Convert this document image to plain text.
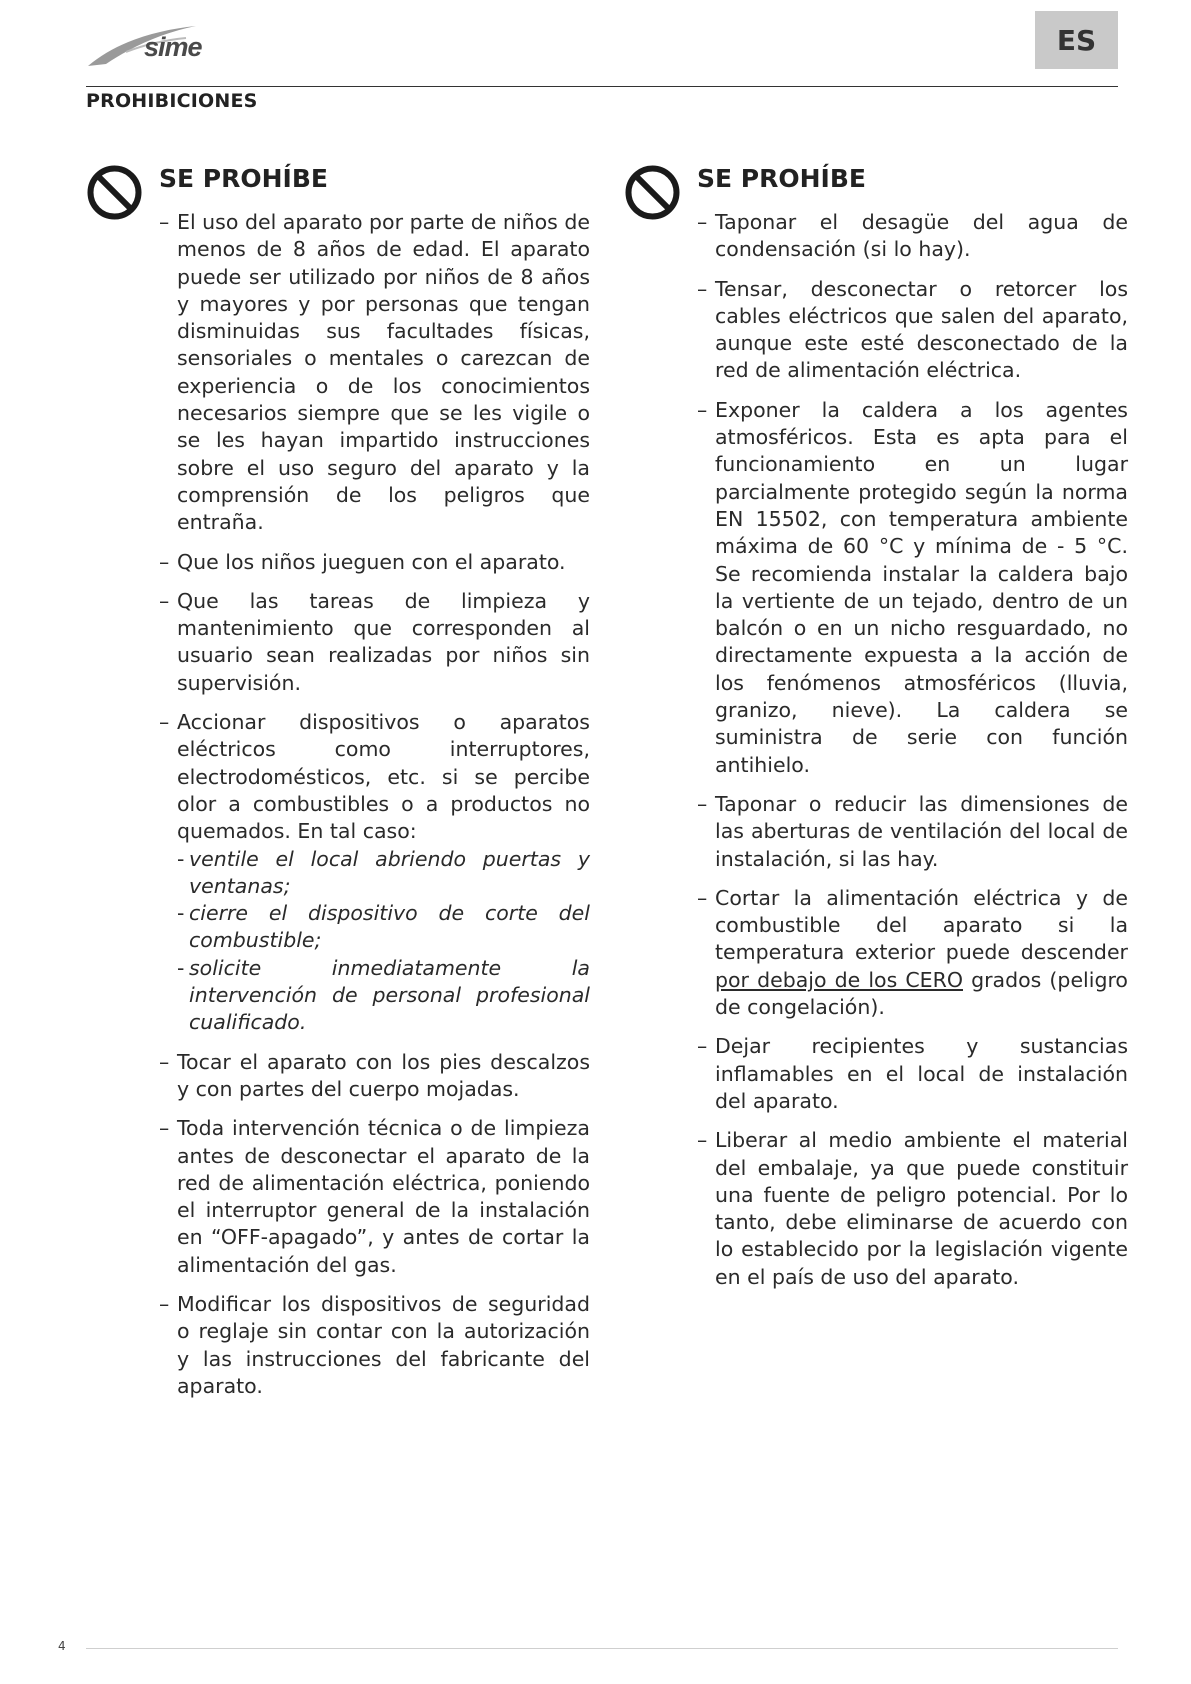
sime	ES
PROHIBICIONES
SE PROHÍBE
– El uso del aparato por parte de niños de menos de 8 años de edad. El aparato puede ser utilizado por niños de 8 años y mayores y por personas que tengan disminuidas sus facultades físicas, sensoriales o mentales o carezcan de experiencia o de los conocimientos necesarios siempre que se les vigile o se les hayan impartido instrucciones sobre el uso seguro del aparato y la comprensión de los peligros que entraña.
– Que los niños jueguen con el aparato.
– Que las tareas de limpieza y mantenimiento que corresponden al usuario sean realizadas por niños sin supervisión.
– Accionar dispositivos o aparatos eléctricos como interruptores, electrodomésticos, etc. si se percibe olor a combustibles o a productos no quemados. En tal caso:
- ventile el local abriendo puertas y ventanas;
- cierre el dispositivo de corte del combustible;
- solicite inmediatamente la intervención de personal profesional cualificado.
– Tocar el aparato con los pies descalzos y con partes del cuerpo mojadas.
– Toda intervención técnica o de limpieza antes de desconectar el aparato de la red de alimentación eléctrica, poniendo el interruptor general de la instalación en “OFF-apagado”, y antes de cortar la alimentación del gas.
– Modificar los dispositivos de seguridad o reglaje sin contar con la autorización y las instrucciones del fabricante del aparato.
SE PROHÍBE
– Taponar el desagüe del agua de condensación (si lo hay).
– Tensar, desconectar o retorcer los cables eléctricos que salen del aparato, aunque este esté desconectado de la red de alimentación eléctrica.
– Exponer la caldera a los agentes atmosféricos. Esta es apta para el funcionamiento en un lugar parcialmente protegido según la norma EN 15502, con temperatura ambiente máxima de 60 °C y mínima de - 5 °C. Se recomienda instalar la caldera bajo la vertiente de un tejado, dentro de un balcón o en un nicho resguardado, no directamente expuesta a la acción de los fenómenos atmosféricos (lluvia, granizo, nieve). La caldera se suministra de serie con función antihielo.
– Taponar o reducir las dimensiones de las aberturas de ventilación del local de instalación, si las hay.
– Cortar la alimentación eléctrica y de combustible del aparato si la temperatura exterior puede descender por debajo de los CERO grados (peligro de congelación).
– Dejar recipientes y sustancias inflamables en el local de instalación del aparato.
– Liberar al medio ambiente el material del embalaje, ya que puede constituir una fuente de peligro potencial. Por lo tanto, debe eliminarse de acuerdo con lo establecido por la legislación vigente en el país de uso del aparato.
4
